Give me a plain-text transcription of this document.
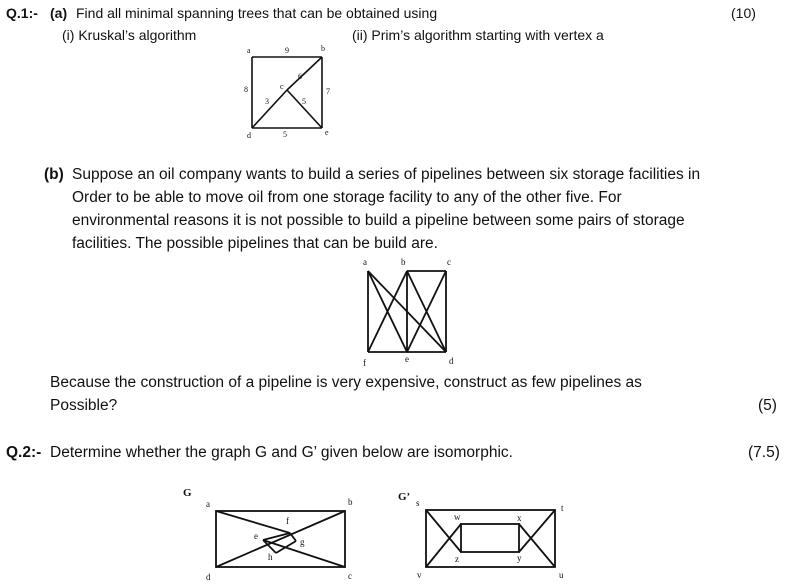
Q.1:- (a) Find all minimal spanning trees that can be obtained using	(10)
(i) Kruskal’s algorithm	(ii) Prim’s algorithm starting with vertex a
a	b
c
d	e
9
8	7
6
3	5
5
(b) Suppose an oil company wants to build a series of pipelines between six storage facilities in
Order to be able to move oil from one storage facility to any of the other five. For
environmental reasons it is not possible to build a pipeline between some pairs of storage
facilities. The possible pipelines that can be build are.
a	b	c
f	e	d
Because the construction of a pipeline is very expensive, construct as few pipelines as
Possible?	(5)
Q.2:- Determine whether the graph G and G’ given below are isomorphic.	(7.5)
G
a	b
c
d
e
f
g
h
G’ s	t
u
v
w	x
y
z
